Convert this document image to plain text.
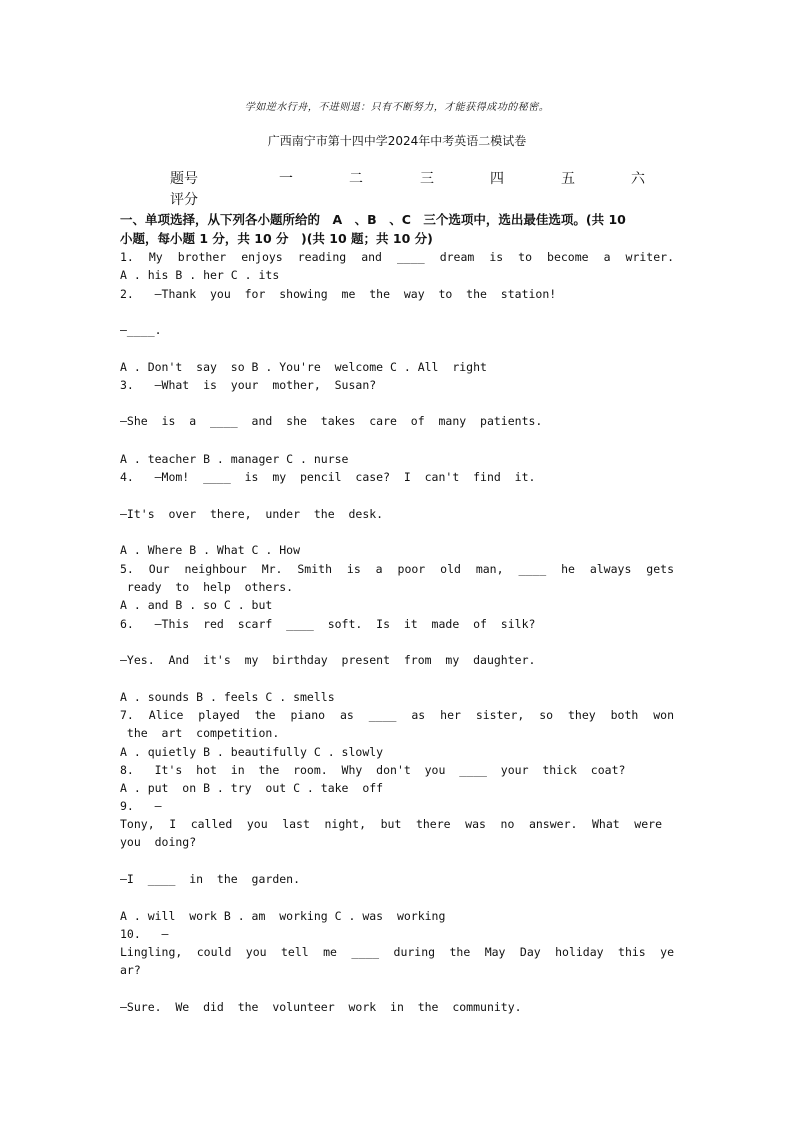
学如逆水行舟，不进则退：只有不断努力，才能获得成功的秘密。
广西南宁市第十四中学2024年中考英语二模试卷
题号	一	二	三	四	五	六
评分
一、单项选择，从下列各小题所给的　A　、B　、C　三个选项中，选出最佳选项。(共 10
小题，每小题 1 分，共 10 分　)(共 10 题；共 10 分)
1. My brother enjoys reading and ____ dream is to become a writer.
A . his B . her C . its
2.   —Thank  you  for  showing  me  the  way  to  the  station!
—____.
A . Don't  say  so B . You're  welcome C . All  right
3.   —What  is  your  mother,  Susan?
—She  is  a  ____  and  she  takes  care  of  many  patients.
A . teacher B . manager C . nurse
4.   —Mom!  ____  is  my  pencil  case?  I  can't  find  it.
—It's  over  there,  under  the  desk.
A . Where B . What C . How
5. Our neighbour Mr. Smith is a poor old man, ____ he always gets
ready  to  help  others.
A . and B . so C . but
6.   —This  red  scarf  ____  soft.  Is  it  made  of  silk?
—Yes.  And  it's  my  birthday  present  from  my  daughter.
A . sounds B . feels C . smells
7. Alice played the piano as ____ as her sister, so they both won
the  art  competition.
A . quietly B . beautifully C . slowly
8.   It's  hot  in  the  room.  Why  don't  you  ____  your  thick  coat?
A . put  on B . try  out C . take  off
9.   —
Tony, I called you last night, but there was no answer. What were
you  doing?
—I  ____  in  the  garden.
A . will  work B . am  working C . was  working
10.   —
Lingling, could you tell me ____ during the May Day holiday this ye
ar?
—Sure.  We  did  the  volunteer  work  in  the  community.
